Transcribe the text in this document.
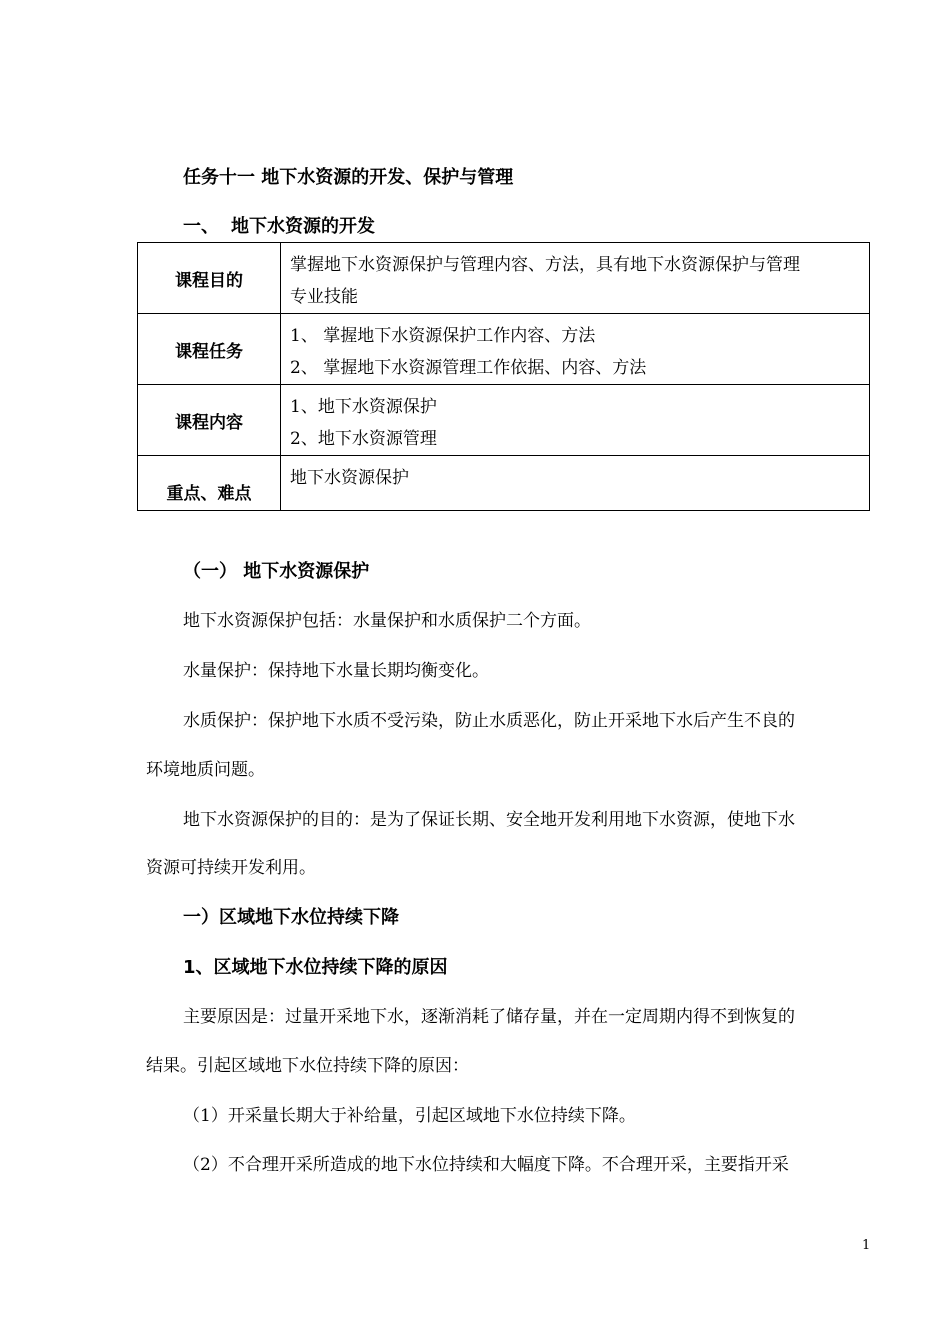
任务十一 地下水资源的开发、保护与管理
一、 地下水资源的开发
课程目的	掌握地下水资源保护与管理内容、方法，具有地下水资源保护与管理
专业技能

课程任务	1、 掌握地下水资源保护工作内容、方法
2、 掌握地下水资源管理工作依据、内容、方法

课程内容	1、地下水资源保护
2、地下水资源管理

重点、难点	地下水资源保护
（一） 地下水资源保护
地下水资源保护包括：水量保护和水质保护二个方面。
水量保护：保持地下水量长期均衡变化。
水质保护：保护地下水质不受污染，防止水质恶化，防止开采地下水后产生不良的
环境地质问题。
地下水资源保护的目的：是为了保证长期、安全地开发利用地下水资源，使地下水
资源可持续开发利用。
一）区域地下水位持续下降
1、区域地下水位持续下降的原因
主要原因是：过量开采地下水，逐渐消耗了储存量，并在一定周期内得不到恢复的
结果。引起区域地下水位持续下降的原因：
（1）开采量长期大于补给量，引起区域地下水位持续下降。
（2）不合理开采所造成的地下水位持续和大幅度下降。不合理开采，主要指开采
1
